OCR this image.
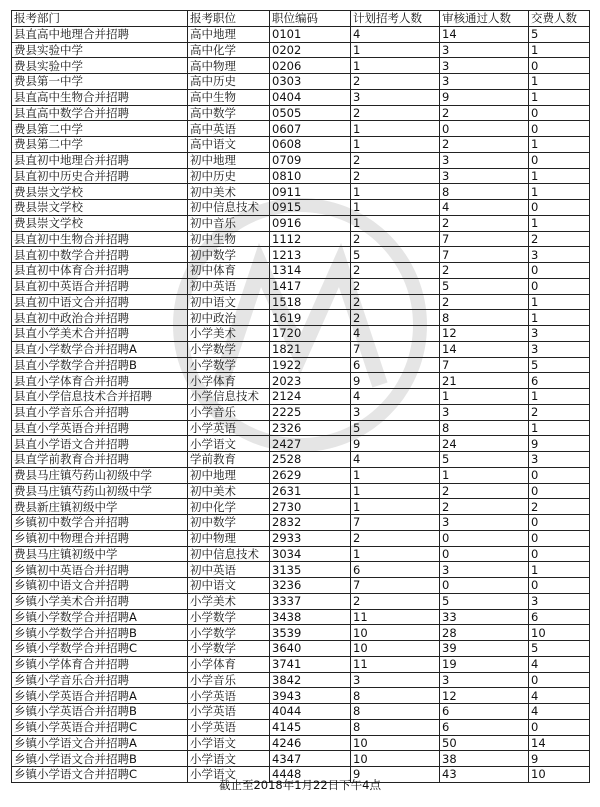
报考部门	报考职位	职位编码	计划招考人数	审核通过人数	交费人数
县直高中地理合并招聘	高中地理	0101	4	14	5
费县实验中学	高中化学	0202	1	3	1
费县实验中学	高中物理	0206	1	3	0
费县第一中学	高中历史	0303	2	3	1
县直高中生物合并招聘	高中生物	0404	3	9	1
县直高中数学合并招聘	高中数学	0505	2	2	0
费县第二中学	高中英语	0607	1	0	0
费县第二中学	高中语文	0608	1	2	1
县直初中地理合并招聘	初中地理	0709	2	3	0
县直初中历史合并招聘	初中历史	0810	2	3	1
费县崇文学校	初中美术	0911	1	8	1
费县崇文学校	初中信息技术	0915	1	4	0
费县崇文学校	初中音乐	0916	1	2	1
县直初中生物合并招聘	初中生物	1112	2	7	2
县直初中数学合并招聘	初中数学	1213	5	7	3
县直初中体育合并招聘	初中体育	1314	2	2	0
县直初中英语合并招聘	初中英语	1417	2	5	0
县直初中语文合并招聘	初中语文	1518	2	2	1
县直初中政治合并招聘	初中政治	1619	2	8	1
县直小学美术合并招聘	小学美术	1720	4	12	3
县直小学数学合并招聘A	小学数学	1821	7	14	3
县直小学数学合并招聘B	小学数学	1922	6	7	5
县直小学体育合并招聘	小学体育	2023	9	21	6
县直小学信息技术合并招聘	小学信息技术	2124	4	1	1
县直小学音乐合并招聘	小学音乐	2225	3	3	2
县直小学英语合并招聘	小学英语	2326	5	8	1
县直小学语文合并招聘	小学语文	2427	9	24	9
县直学前教育合并招聘	学前教育	2528	4	5	3
费县马庄镇芍药山初级中学	初中地理	2629	1	1	0
费县马庄镇芍药山初级中学	初中美术	2631	1	2	0
费县新庄镇初级中学	初中化学	2730	1	2	2
乡镇初中数学合并招聘	初中数学	2832	7	3	0
乡镇初中物理合并招聘	初中物理	2933	2	0	0
费县马庄镇初级中学	初中信息技术	3034	1	0	0
乡镇初中英语合并招聘	初中英语	3135	6	3	1
乡镇初中语文合并招聘	初中语文	3236	7	0	0
乡镇小学美术合并招聘	小学美术	3337	2	5	3
乡镇小学数学合并招聘A	小学数学	3438	11	33	6
乡镇小学数学合并招聘B	小学数学	3539	10	28	10
乡镇小学数学合并招聘C	小学数学	3640	10	39	5
乡镇小学体育合并招聘	小学体育	3741	11	19	4
乡镇小学音乐合并招聘	小学音乐	3842	3	3	0
乡镇小学英语合并招聘A	小学英语	3943	8	12	4
乡镇小学英语合并招聘B	小学英语	4044	8	6	4
乡镇小学英语合并招聘C	小学英语	4145	8	6	0
乡镇小学语文合并招聘A	小学语文	4246	10	50	14
乡镇小学语文合并招聘B	小学语文	4347	10	38	9
乡镇小学语文合并招聘C	小学语文	4448	9	43	10
截止至2018年1月22日下午4点
